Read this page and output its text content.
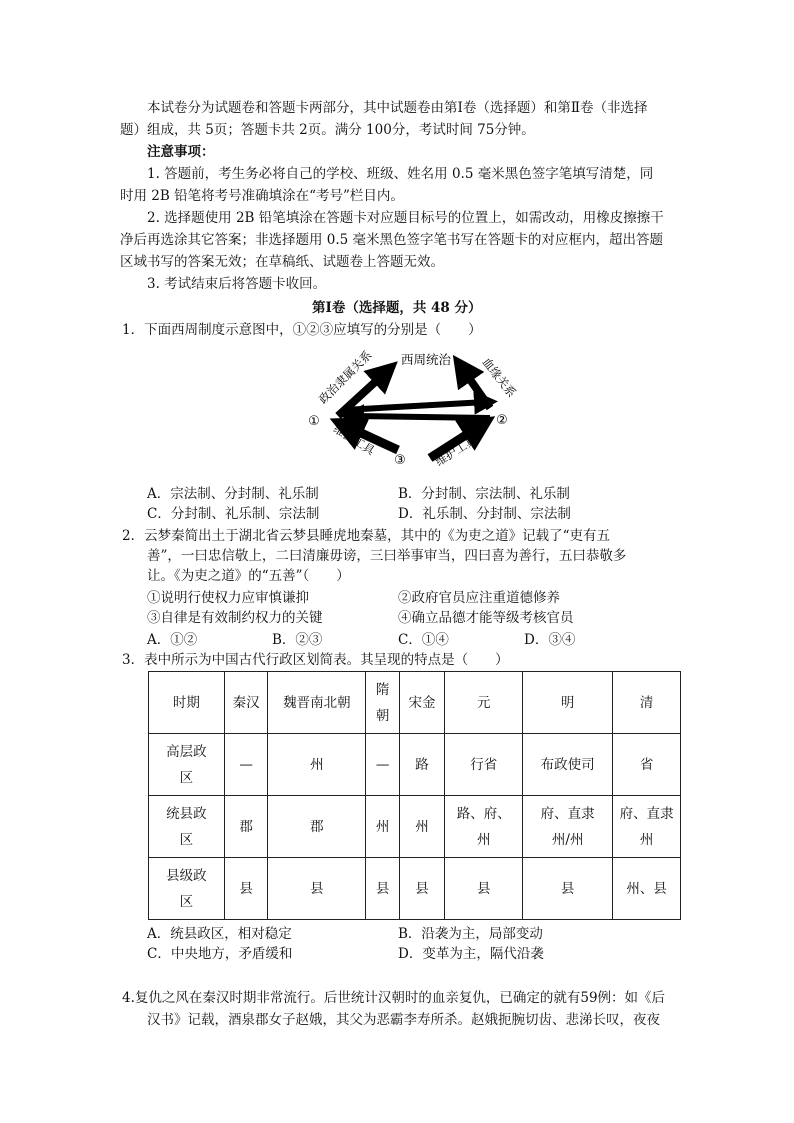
本试卷分为试题卷和答题卡两部分，其中试题卷由第Ⅰ卷（选择题）和第Ⅱ卷（非选择
题）组成，共 5页；答题卡共 2页。满分 100分，考试时间 75分钟。
注意事项：
1. 答题前，考生务必将自己的学校、班级、姓名用 0.5 毫米黑色签字笔填写清楚，同
时用 2B 铅笔将考号准确填涂在“考号”栏目内。
2. 选择题使用 2B 铅笔填涂在答题卡对应题目标号的位置上，如需改动，用橡皮擦擦干
净后再选涂其它答案；非选择题用 0.5 毫米黑色签字笔书写在答题卡的对应框内，超出答题
区域书写的答案无效；在草稿纸、试题卷上答题无效。
3. 考试结束后将答题卡收回。
第Ⅰ卷（选择题，共 48 分）
1．下面西周制度示意图中，①②③应填写的分别是（　　）
西周统治
政治隶属关系	血缘关系
维护工具	维护工具
①	②
③
A．宗法制、分封制、礼乐制	B．分封制、宗法制、礼乐制
C．分封制、礼乐制、宗法制	D．礼乐制、分封制、宗法制
2．云梦秦简出土于湖北省云梦县睡虎地秦墓，其中的《为吏之道》记载了“吏有五
善”，一曰忠信敬上，二曰清廉毋谤，三曰举事审当，四曰喜为善行，五曰恭敬多
让。《为吏之道》的“五善”（　　）
①说明行使权力应审慎谦抑	②政府官员应注重道德修养
③自律是有效制约权力的关键	④确立品德才能等级考核官员
A．①②	B．②③	C．①④	D．③④
3．表中所示为中国古代行政区划简表。其呈现的特点是（　　）
时期	秦汉	魏晋南北朝	隋朝	宋金	元	明	清
高层政区	—	州	—	路	行省	布政使司	省
统县政区	郡	郡	州	州	路、府、州	府、直隶州/州	府、直隶州
县级政区	县	县	县	县	县	县	州、县
A．统县政区，相对稳定	B．沿袭为主，局部变动
C．中央地方，矛盾缓和	D．变革为主，隔代沿袭
4.复仇之风在秦汉时期非常流行。后世统计汉朝时的血亲复仇，已确定的就有59例：如《后
汉书》记载，酒泉郡女子赵娥，其父为恶霸李寿所杀。赵娥扼腕切齿、悲涕长叹，夜夜
